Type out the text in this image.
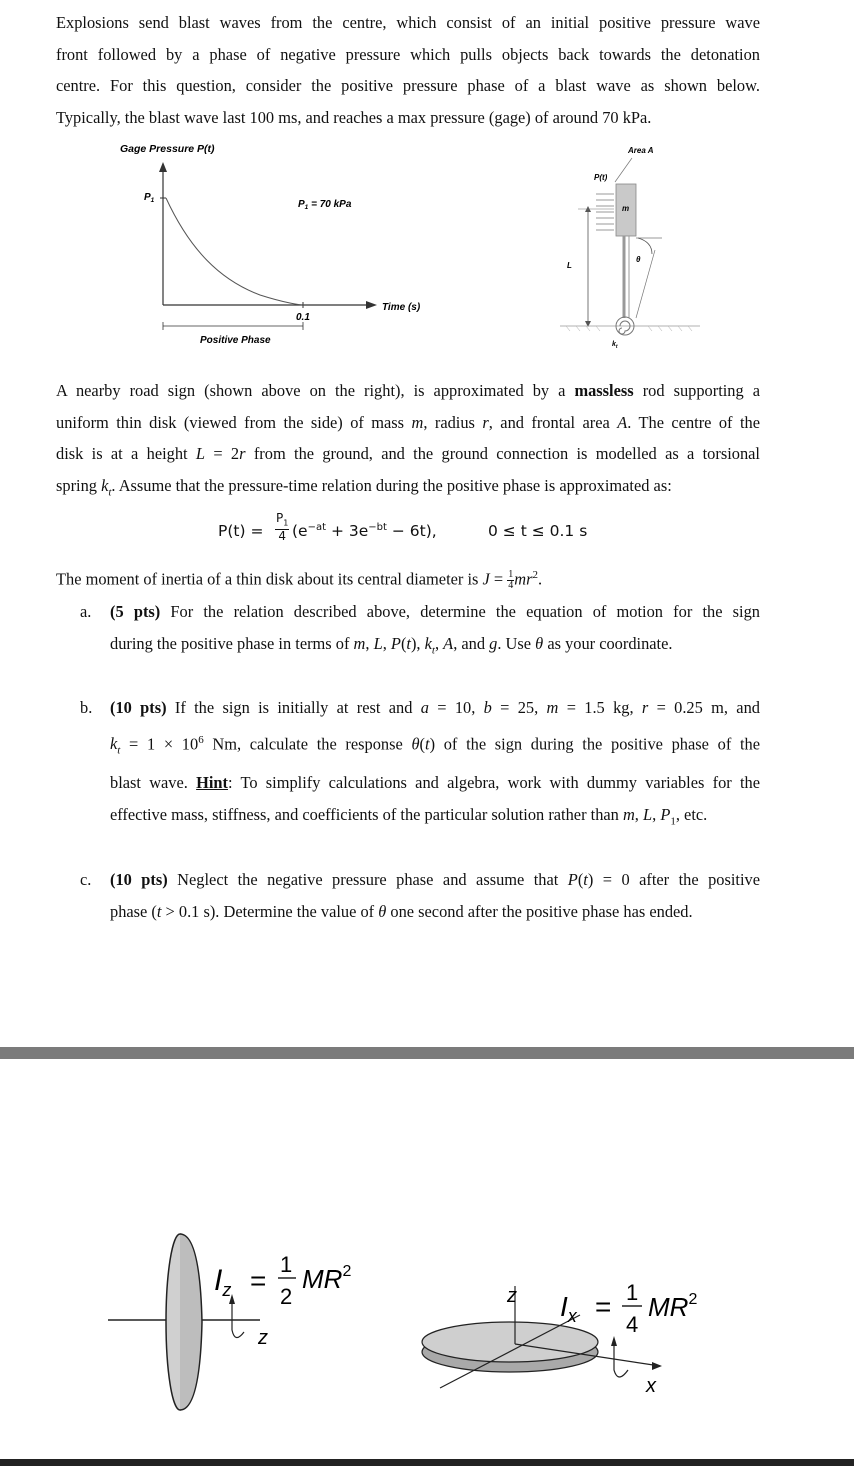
Explosions send blast waves from the centre, which consist of an initial positive pressure wave
front followed by a phase of negative pressure which pulls objects back towards the detonation
centre. For this question, consider the positive pressure phase of a blast wave as shown below.
Typically, the blast wave last 100 ms, and reaches a max pressure (gage) of around 70 kPa.
Gage Pressure P(t)
$P_1$	$P_1 = 70$ kPa
Time (s)
0.1
Positive Phase
Area A
P(t)
m
θ
L
$k_t$
A nearby road sign (shown above on the right), is approximated by a massless rod supporting a
uniform thin disk (viewed from the side) of mass m, radius r, and frontal area A. The centre of the
disk is at a height L = 2r from the ground, and the ground connection is modelled as a torsional
spring $k_t$. Assume that the pressure-time relation during the positive phase is approximated as:
$P(t) = \frac{P_1}{4} (e^{-at} + 3e^{-bt} - 6t)$,	0 ≤ t ≤ 0.1 s
The moment of inertia of a thin disk about its central diameter is $J = \frac{1}{4} mr^2$.
a. (5 pts) For the relation described above, determine the equation of motion for the sign
during the positive phase in terms of m, L, P(t), $k_t$, A, and g. Use θ as your coordinate.
b. (10 pts) If the sign is initially at rest and a = 10, b = 25, m = 1.5 kg, r = 0.25 m, and
$k_t = 1 \times 10^6$ Nm, calculate the response θ(t) of the sign during the positive phase of the
blast wave. Hint: To simplify calculations and algebra, work with dummy variables for the
effective mass, stiffness, and coefficients of the particular solution rather than m, L, $P_1$, etc.
c. (10 pts) Neglect the negative pressure phase and assume that P(t) = 0 after the positive
phase (t > 0.1 s). Determine the value of θ one second after the positive phase has ended.
z
$I_z$ =
1
2
$MR^2$
z
x
$I_x = 1$
4
$MR^2$
